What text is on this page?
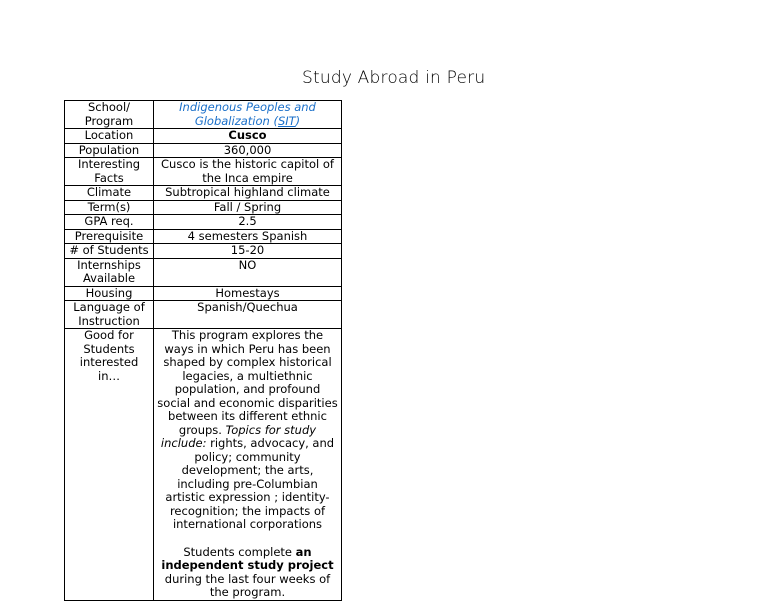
Study Abroad in Peru
School/ Program	Indigenous Peoples and Globalization (SIT)
Location	Cusco
Population	360,000
Interesting Facts	Cusco is the historic capitol of the Inca empire
Climate	Subtropical highland climate
Term(s)	Fall / Spring
GPA req.	2.5
Prerequisite	4 semesters Spanish
# of Students	15-20
Internships Available	NO
Housing	Homestays
Language of Instruction	Spanish/Quechua
Good for Students interested in…	This program explores the ways in which Peru has been shaped by complex historical legacies, a multiethnic population, and profound social and economic disparities between its different ethnic groups. Topics for study include: rights, advocacy, and policy; community development; the arts, including pre-Columbian artistic expression ; identity-recognition; the impacts of international corporations

Students complete an independent study project during the last four weeks of the program.
